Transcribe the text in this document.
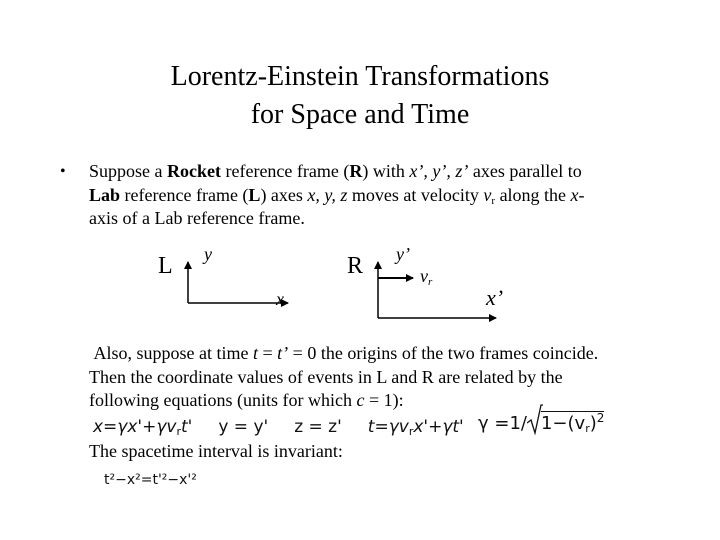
Lorentz-Einstein Transformations
for Space and Time
• Suppose a Rocket reference frame (R) with x’, y’, z’ axes parallel to
Lab reference frame (L) axes x, y, z moves at velocity $v_r$ along the x-
axis of a Lab reference frame.
L y
x
R y’
$v_r$
x’
Also, suppose at time t = t’ = 0 the origins of the two frames coincide.
Then the coordinate values of events in L and R are related by the
following equations (units for which c = 1):
$x=\gamma x'+\gamma v_rt'$ y = y' z = z' $t=\gamma v_rx'+\gamma t'$ γ =1/ $1-(v_r)^2$
The spacetime interval is invariant:
t²−x²=t'²−x'²
